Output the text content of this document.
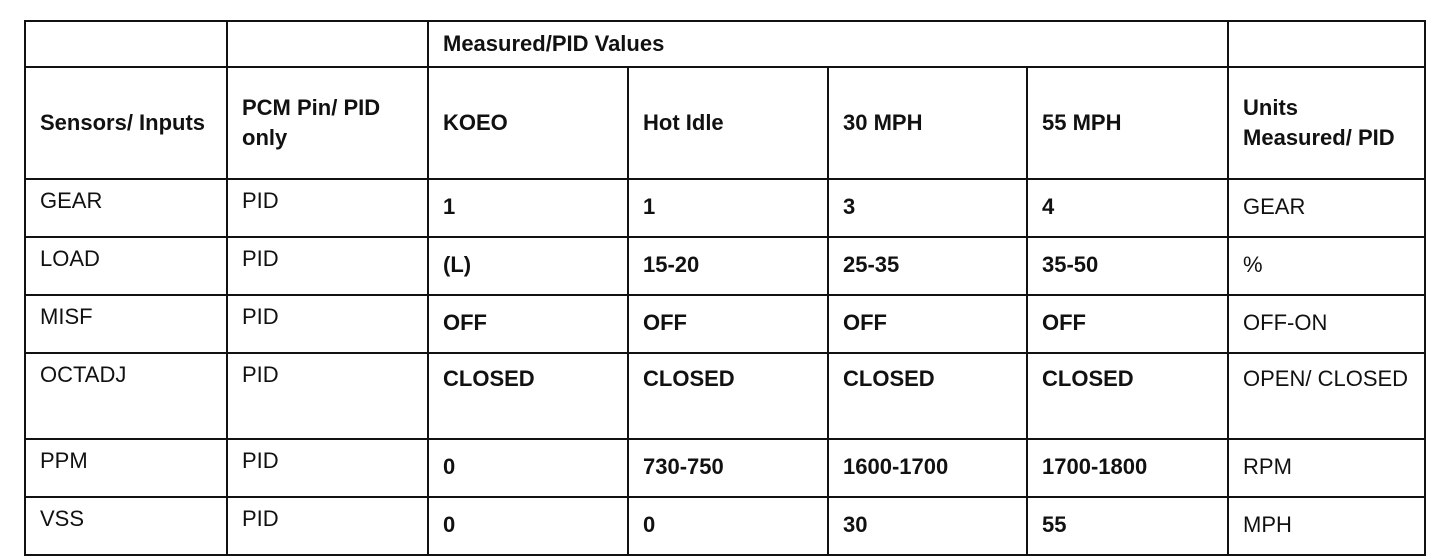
		Measured/PID Values				
Sensors/ Inputs	PCM Pin/ PID only	KOEO	Hot Idle	30 MPH	55 MPH	Units Measured/ PID
GEAR	PID	1	1	3	4	GEAR
LOAD	PID	(L)	15-20	25-35	35-50	%
MISF	PID	OFF	OFF	OFF	OFF	OFF-ON
OCTADJ	PID	CLOSED	CLOSED	CLOSED	CLOSED	OPEN/ CLOSED
PPM	PID	0	730-750	1600-1700	1700-1800	RPM
VSS	PID	0	0	30	55	MPH
